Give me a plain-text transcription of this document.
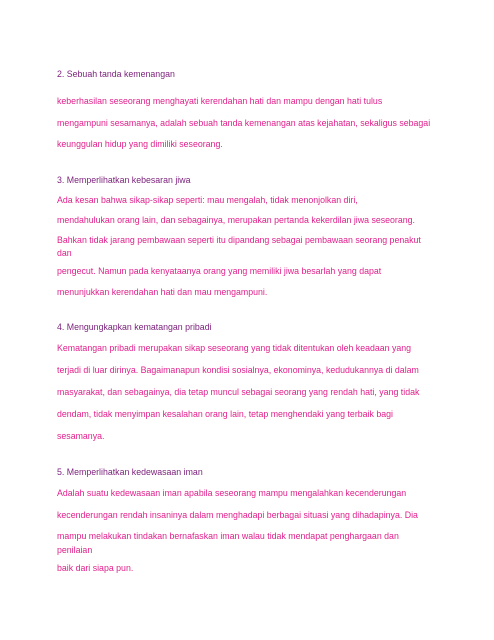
2. Sebuah tanda kemenangan
keberhasilan seseorang menghayati kerendahan hati dan mampu dengan hati tulus
mengampuni sesamanya, adalah sebuah tanda kemenangan atas kejahatan, sekaligus sebagai
keunggulan hidup yang dimiliki seseorang.
3. Memperlihatkan kebesaran jiwa
Ada kesan bahwa sikap-sikap seperti: mau mengalah, tidak menonjolkan diri,
mendahulukan orang lain, dan sebagainya, merupakan pertanda kekerdilan jiwa seseorang.
Bahkan tidak jarang pembawaan seperti itu dipandang sebagai pembawaan seorang penakut
dan
pengecut. Namun pada kenyataanya orang yang memiliki jiwa besarlah yang dapat
menunjukkan kerendahan hati dan mau mengampuni.
4. Mengungkapkan kematangan pribadi
Kematangan pribadi merupakan sikap seseorang yang tidak ditentukan oleh keadaan yang
terjadi di luar dirinya. Bagaimanapun kondisi sosialnya, ekonominya, kedudukannya di dalam
masyarakat, dan sebagainya, dia tetap muncul sebagai seorang yang rendah hati, yang tidak
dendam, tidak menyimpan kesalahan orang lain, tetap menghendaki yang terbaik bagi
sesamanya.
5. Memperlihatkan kedewasaan iman
Adalah suatu kedewasaan iman apabila seseorang mampu mengalahkan kecenderungan
kecenderungan rendah insaninya dalam menghadapi berbagai situasi yang dihadapinya. Dia
mampu melakukan tindakan bernafaskan iman walau tidak mendapat penghargaan dan
penilaian
baik dari siapa pun.
